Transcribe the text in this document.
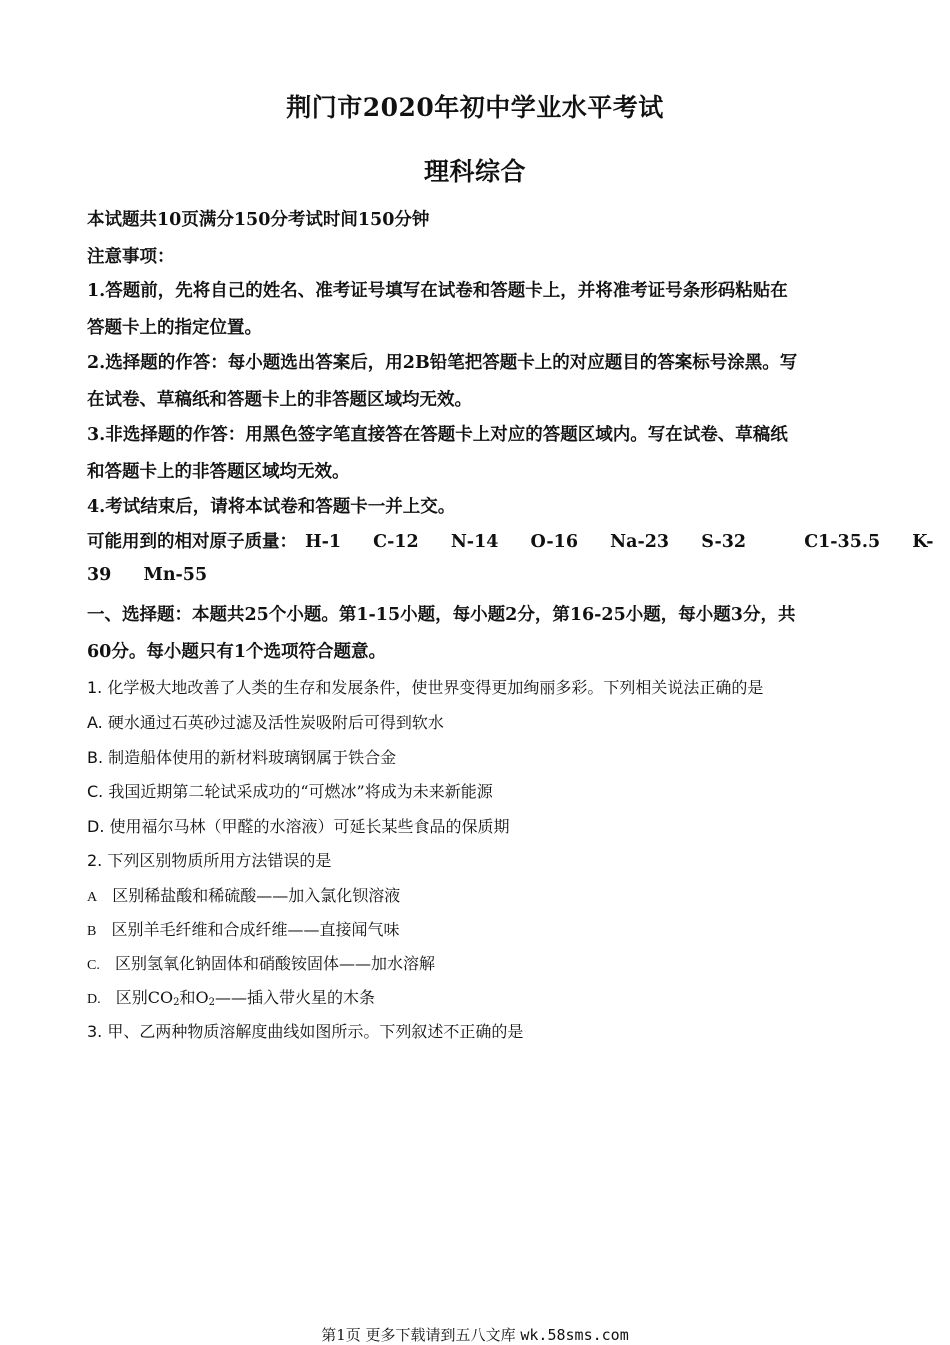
荆门市2020年初中学业水平考试
理科综合
本试题共10页满分150分考试时间150分钟
注意事项：
1.答题前，先将自己的姓名、准考证号填写在试卷和答题卡上，并将准考证号条形码粘贴在
答题卡上的指定位置。
2.选择题的作答：每小题选出答案后，用2B铅笔把答题卡上的对应题目的答案标号涂黑。写
在试卷、草稿纸和答题卡上的非答题区域均无效。
3.非选择题的作答：用黑色签字笔直接答在答题卡上对应的答题区域内。写在试卷、草稿纸
和答题卡上的非答题区域均无效。
4.考试结束后，请将本试卷和答题卡一并上交。
可能用到的相对原子质量： H-1 C-12 N-14 O-16 Na-23 S-32	C1-35.5 K-
39 Mn-55
一、选择题：本题共25个小题。第1-15小题，每小题2分，第16-25小题，每小题3分，共
60分。每小题只有1个选项符合题意。
1. 化学极大地改善了人类的生存和发展条件，使世界变得更加绚丽多彩。下列相关说法正确的是
A. 硬水通过石英砂过滤及活性炭吸附后可得到软水
B. 制造船体使用的新材料玻璃钢属于铁合金
C. 我国近期第二轮试采成功的“可燃冰”将成为未来新能源
D. 使用福尔马林（甲醛的水溶液）可延长某些食品的保质期
2. 下列区别物质所用方法错误的是
A 区别稀盐酸和稀硫酸——加入氯化钡溶液
B 区别羊毛纤维和合成纤维——直接闻气味
C. 区别氢氧化钠固体和硝酸铵固体——加水溶解
D. 区别$CO_2$和$O_2——$插入带火星的木条
3. 甲、乙两种物质溶解度曲线如图所示。下列叙述不正确的是
第1页 更多下载请到五八文库 wk.58sms.com
